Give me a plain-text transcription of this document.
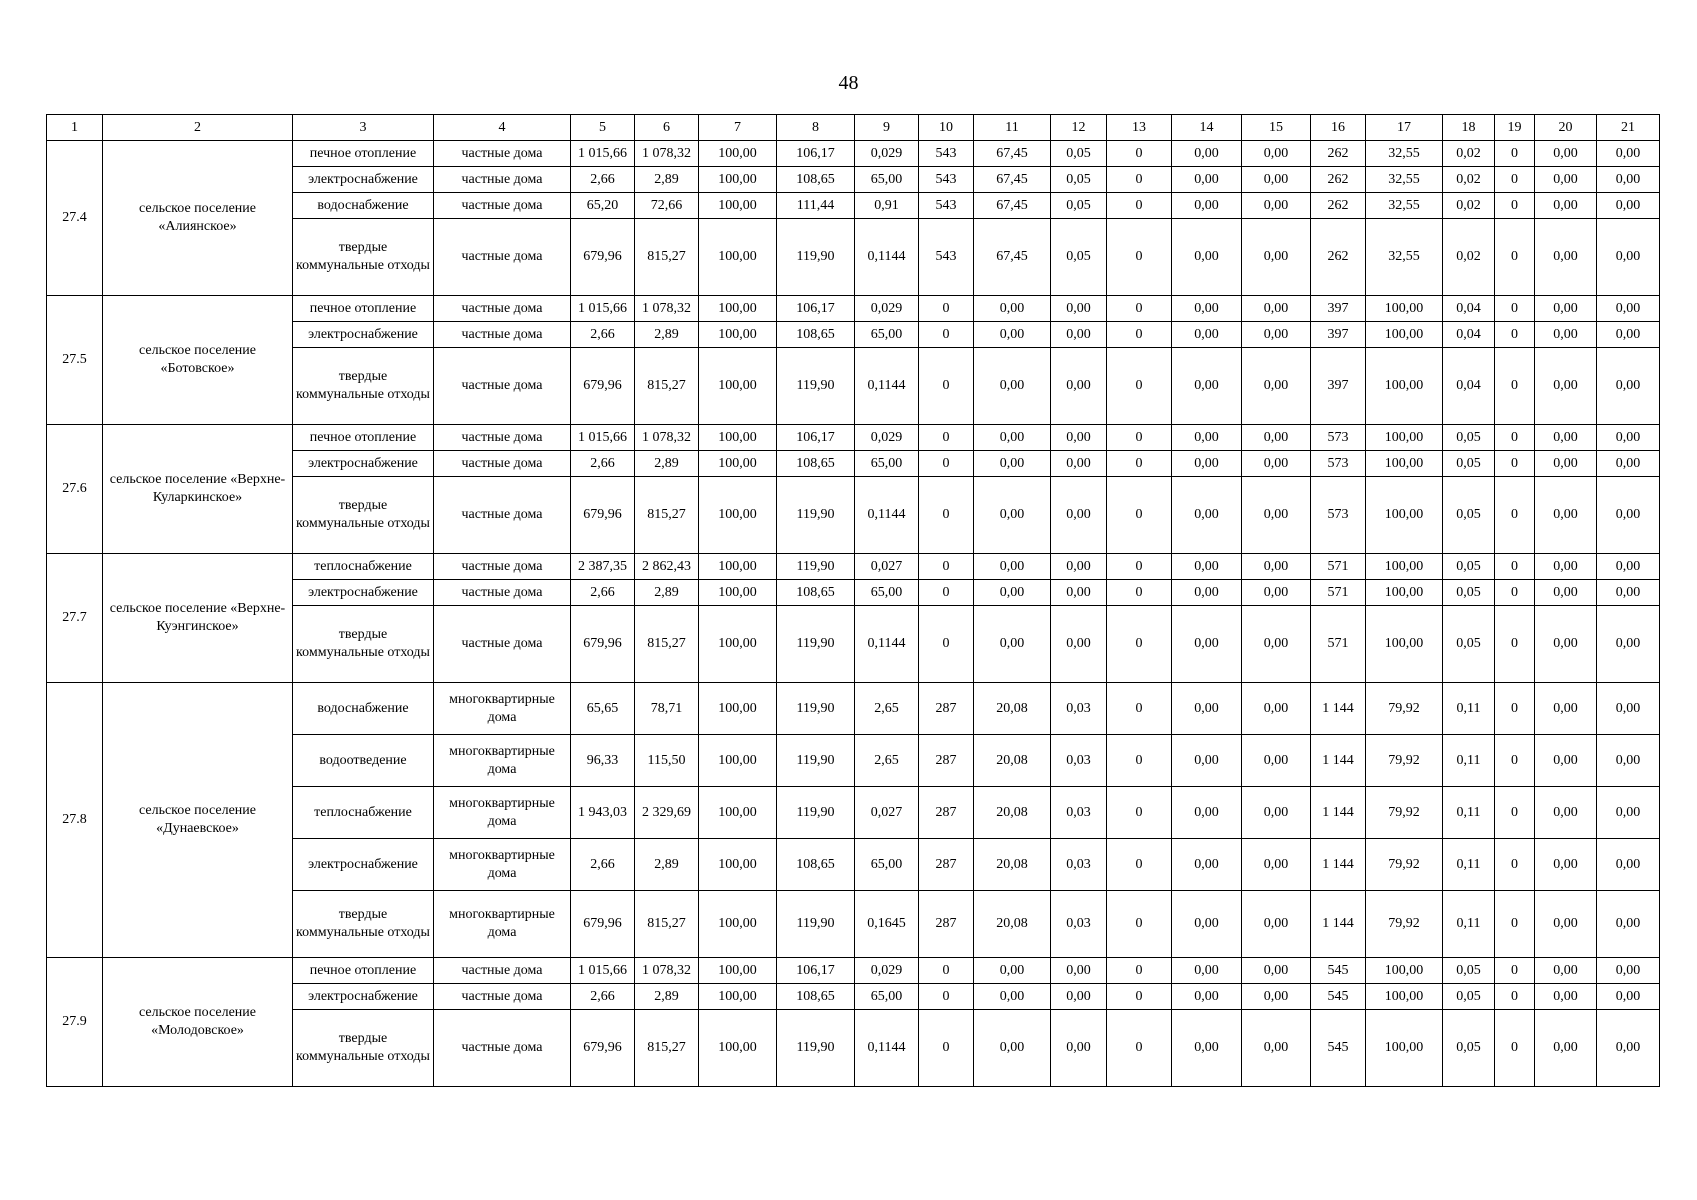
48
1	2	3	4	5	6	7	8	9	10	11	12	13	14	15	16	17	18	19	20	21
27.4	сельское поселение «Алиянское»	печное отопление	частные дома	1 015,66	1 078,32	100,00	106,17	0,029	543	67,45	0,05	0	0,00	0,00	262	32,55	0,02	0	0,00	0,00
		электроснабжение	частные дома	2,66	2,89	100,00	108,65	65,00	543	67,45	0,05	0	0,00	0,00	262	32,55	0,02	0	0,00	0,00
		водоснабжение	частные дома	65,20	72,66	100,00	111,44	0,91	543	67,45	0,05	0	0,00	0,00	262	32,55	0,02	0	0,00	0,00
		твердые коммунальные отходы	частные дома	679,96	815,27	100,00	119,90	0,1144	543	67,45	0,05	0	0,00	0,00	262	32,55	0,02	0	0,00	0,00
27.5	сельское поселение «Ботовское»	печное отопление	частные дома	1 015,66	1 078,32	100,00	106,17	0,029	0	0,00	0,00	0	0,00	0,00	397	100,00	0,04	0	0,00	0,00
		электроснабжение	частные дома	2,66	2,89	100,00	108,65	65,00	0	0,00	0,00	0	0,00	0,00	397	100,00	0,04	0	0,00	0,00
		твердые коммунальные отходы	частные дома	679,96	815,27	100,00	119,90	0,1144	0	0,00	0,00	0	0,00	0,00	397	100,00	0,04	0	0,00	0,00
27.6	сельское поселение «Верхне-Куларкинское»	печное отопление	частные дома	1 015,66	1 078,32	100,00	106,17	0,029	0	0,00	0,00	0	0,00	0,00	573	100,00	0,05	0	0,00	0,00
		электроснабжение	частные дома	2,66	2,89	100,00	108,65	65,00	0	0,00	0,00	0	0,00	0,00	573	100,00	0,05	0	0,00	0,00
		твердые коммунальные отходы	частные дома	679,96	815,27	100,00	119,90	0,1144	0	0,00	0,00	0	0,00	0,00	573	100,00	0,05	0	0,00	0,00
27.7	сельское поселение «Верхне-Куэнгинское»	теплоснабжение	частные дома	2 387,35	2 862,43	100,00	119,90	0,027	0	0,00	0,00	0	0,00	0,00	571	100,00	0,05	0	0,00	0,00
		электроснабжение	частные дома	2,66	2,89	100,00	108,65	65,00	0	0,00	0,00	0	0,00	0,00	571	100,00	0,05	0	0,00	0,00
		твердые коммунальные отходы	частные дома	679,96	815,27	100,00	119,90	0,1144	0	0,00	0,00	0	0,00	0,00	571	100,00	0,05	0	0,00	0,00
27.8	сельское поселение «Дунаевское»	водоснабжение	многоквартирные дома	65,65	78,71	100,00	119,90	2,65	287	20,08	0,03	0	0,00	0,00	1 144	79,92	0,11	0	0,00	0,00
		водоотведение	многоквартирные дома	96,33	115,50	100,00	119,90	2,65	287	20,08	0,03	0	0,00	0,00	1 144	79,92	0,11	0	0,00	0,00
		теплоснабжение	многоквартирные дома	1 943,03	2 329,69	100,00	119,90	0,027	287	20,08	0,03	0	0,00	0,00	1 144	79,92	0,11	0	0,00	0,00
		электроснабжение	многоквартирные дома	2,66	2,89	100,00	108,65	65,00	287	20,08	0,03	0	0,00	0,00	1 144	79,92	0,11	0	0,00	0,00
		твердые коммунальные отходы	многоквартирные дома	679,96	815,27	100,00	119,90	0,1645	287	20,08	0,03	0	0,00	0,00	1 144	79,92	0,11	0	0,00	0,00
27.9	сельское поселение «Молодовское»	печное отопление	частные дома	1 015,66	1 078,32	100,00	106,17	0,029	0	0,00	0,00	0	0,00	0,00	545	100,00	0,05	0	0,00	0,00
		электроснабжение	частные дома	2,66	2,89	100,00	108,65	65,00	0	0,00	0,00	0	0,00	0,00	545	100,00	0,05	0	0,00	0,00
		твердые коммунальные отходы	частные дома	679,96	815,27	100,00	119,90	0,1144	0	0,00	0,00	0	0,00	0,00	545	100,00	0,05	0	0,00	0,00
